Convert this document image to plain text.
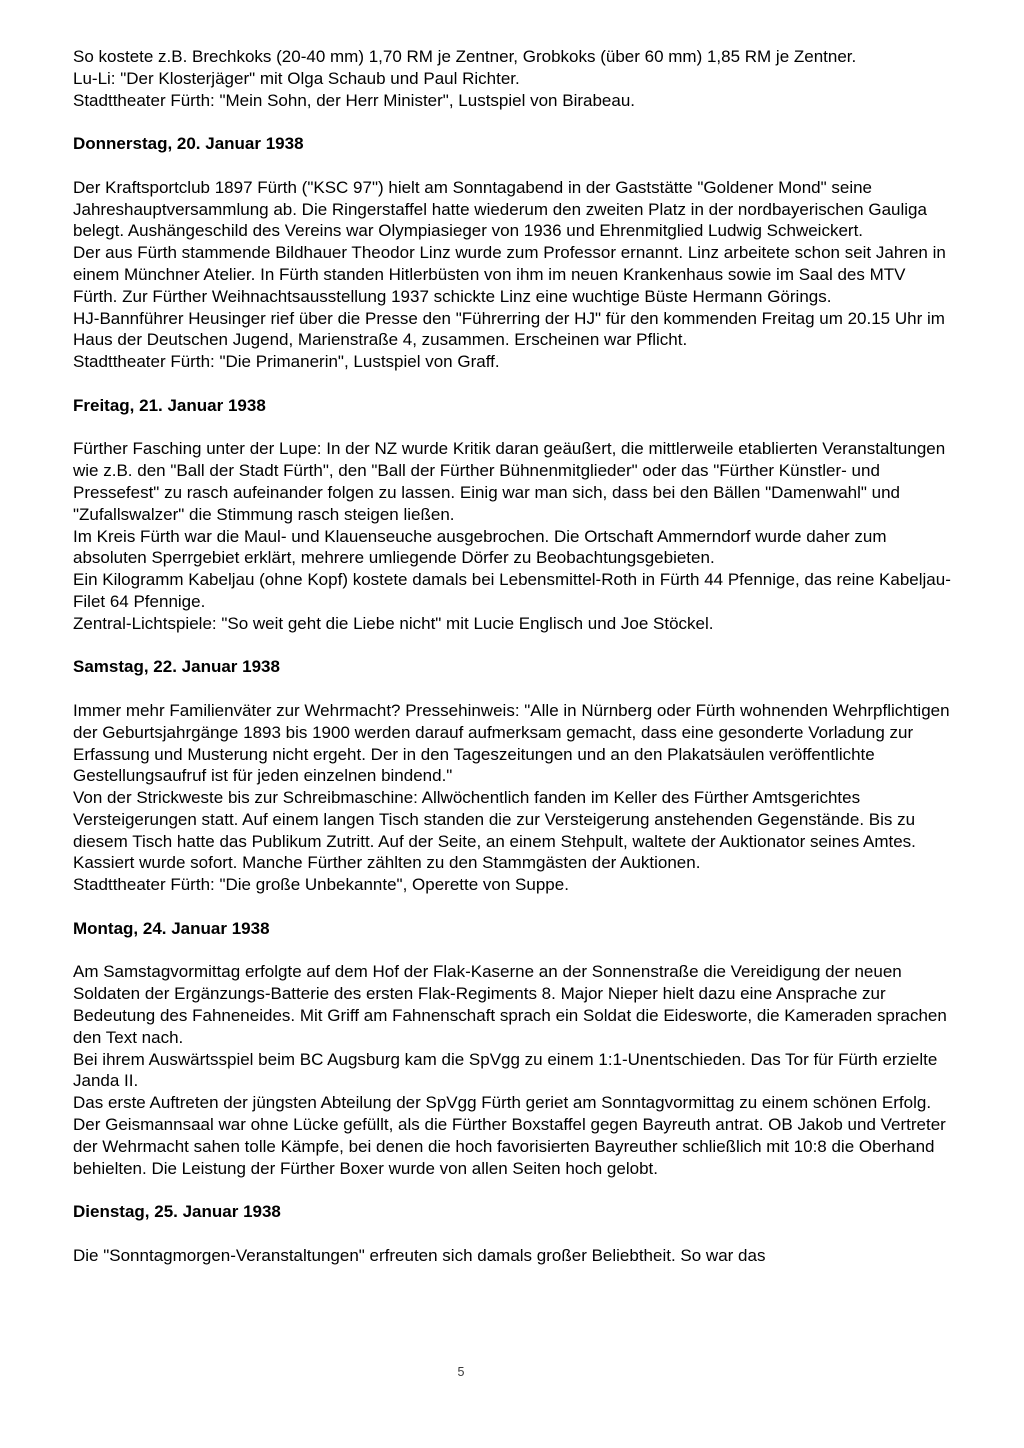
So kostete z.B. Brechkoks (20-40 mm) 1,70 RM je Zentner, Grobkoks (über 60 mm) 1,85 RM je Zentner.

Lu-Li: "Der Klosterjäger" mit Olga Schaub und Paul Richter.

Stadttheater Fürth: "Mein Sohn, der Herr Minister", Lustspiel von Birabeau.

Donnerstag, 20. Januar 1938

Der Kraftsportclub 1897 Fürth ("KSC 97") hielt am Sonntagabend in der Gaststätte "Goldener Mond" seine Jahreshauptversammlung ab. Die Ringerstaffel hatte wiederum den zweiten Platz in der nordbayerischen Gauliga belegt. Aushängeschild des Vereins war Olympiasieger von 1936 und Ehrenmitglied Ludwig Schweickert.

Der aus Fürth stammende Bildhauer Theodor Linz wurde zum Professor ernannt. Linz arbeitete schon seit Jahren in einem Münchner Atelier. In Fürth standen Hitlerbüsten von ihm im neuen Krankenhaus sowie im Saal des MTV Fürth. Zur Fürther Weihnachtsausstellung 1937 schickte Linz eine wuchtige Büste Hermann Görings.

HJ-Bannführer Heusinger rief über die Presse den "Führerring der HJ" für den kommenden Freitag um 20.15 Uhr im Haus der Deutschen Jugend, Marienstraße 4, zusammen. Erscheinen war Pflicht.

Stadttheater Fürth: "Die Primanerin", Lustspiel von Graff.

Freitag, 21. Januar 1938

Fürther Fasching unter der Lupe: In der NZ wurde Kritik daran geäußert, die mittlerweile etablierten Veranstaltungen wie z.B. den "Ball der Stadt Fürth", den "Ball der Fürther Bühnenmitglieder" oder das "Fürther Künstler- und Pressefest" zu rasch aufeinander folgen zu lassen. Einig war man sich, dass bei den Bällen "Damenwahl" und "Zufallswalzer" die Stimmung rasch steigen ließen.

Im Kreis Fürth war die Maul- und Klauenseuche ausgebrochen. Die Ortschaft Ammerndorf wurde daher zum absoluten Sperrgebiet erklärt, mehrere umliegende Dörfer zu Beobachtungsgebieten.

Ein Kilogramm Kabeljau (ohne Kopf) kostete damals bei Lebensmittel-Roth in Fürth 44 Pfennige, das reine Kabeljau-Filet 64 Pfennige.

Zentral-Lichtspiele: "So weit geht die Liebe nicht" mit Lucie Englisch und Joe Stöckel.

Samstag, 22. Januar 1938

Immer mehr Familienväter zur Wehrmacht? Pressehinweis: "Alle in Nürnberg oder Fürth wohnenden Wehrpflichtigen der Geburtsjahrgänge 1893 bis 1900 werden darauf aufmerksam gemacht, dass eine gesonderte Vorladung zur Erfassung und Musterung nicht ergeht. Der in den Tageszeitungen und an den Plakatsäulen veröffentlichte Gestellungsaufruf ist für jeden einzelnen bindend."

Von der Strickweste bis zur Schreibmaschine: Allwöchentlich fanden im Keller des Fürther Amtsgerichtes Versteigerungen statt. Auf einem langen Tisch standen die zur Versteigerung anstehenden Gegenstände. Bis zu diesem Tisch hatte das Publikum Zutritt. Auf der Seite, an einem Stehpult, waltete der Auktionator seines Amtes. Kassiert wurde sofort. Manche Fürther zählten zu den Stammgästen der Auktionen.

Stadttheater Fürth: "Die große Unbekannte", Operette von Suppe.

Montag, 24. Januar 1938

Am Samstagvormittag erfolgte auf dem Hof der Flak-Kaserne an der Sonnenstraße die Vereidigung der neuen Soldaten der Ergänzungs-Batterie des ersten Flak-Regiments 8. Major Nieper hielt dazu eine Ansprache zur Bedeutung des Fahneneides. Mit Griff am Fahnenschaft sprach ein Soldat die Eidesworte, die Kameraden sprachen den Text nach.

Bei ihrem Auswärtsspiel beim BC Augsburg kam die SpVgg zu einem 1:1-Unentschieden. Das Tor für Fürth erzielte Janda II.

Das erste Auftreten der jüngsten Abteilung der SpVgg Fürth geriet am Sonntagvormittag zu einem schönen Erfolg. Der Geismannsaal war ohne Lücke gefüllt, als die Fürther Boxstaffel gegen Bayreuth antrat. OB Jakob und Vertreter der Wehrmacht sahen tolle Kämpfe, bei denen die hoch favorisierten Bayreuther schließlich mit 10:8 die Oberhand behielten. Die Leistung der Fürther Boxer wurde von allen Seiten hoch gelobt.

Dienstag, 25. Januar 1938

Die "Sonntagmorgen-Veranstaltungen" erfreuten sich damals großer Beliebtheit. So war das

5
